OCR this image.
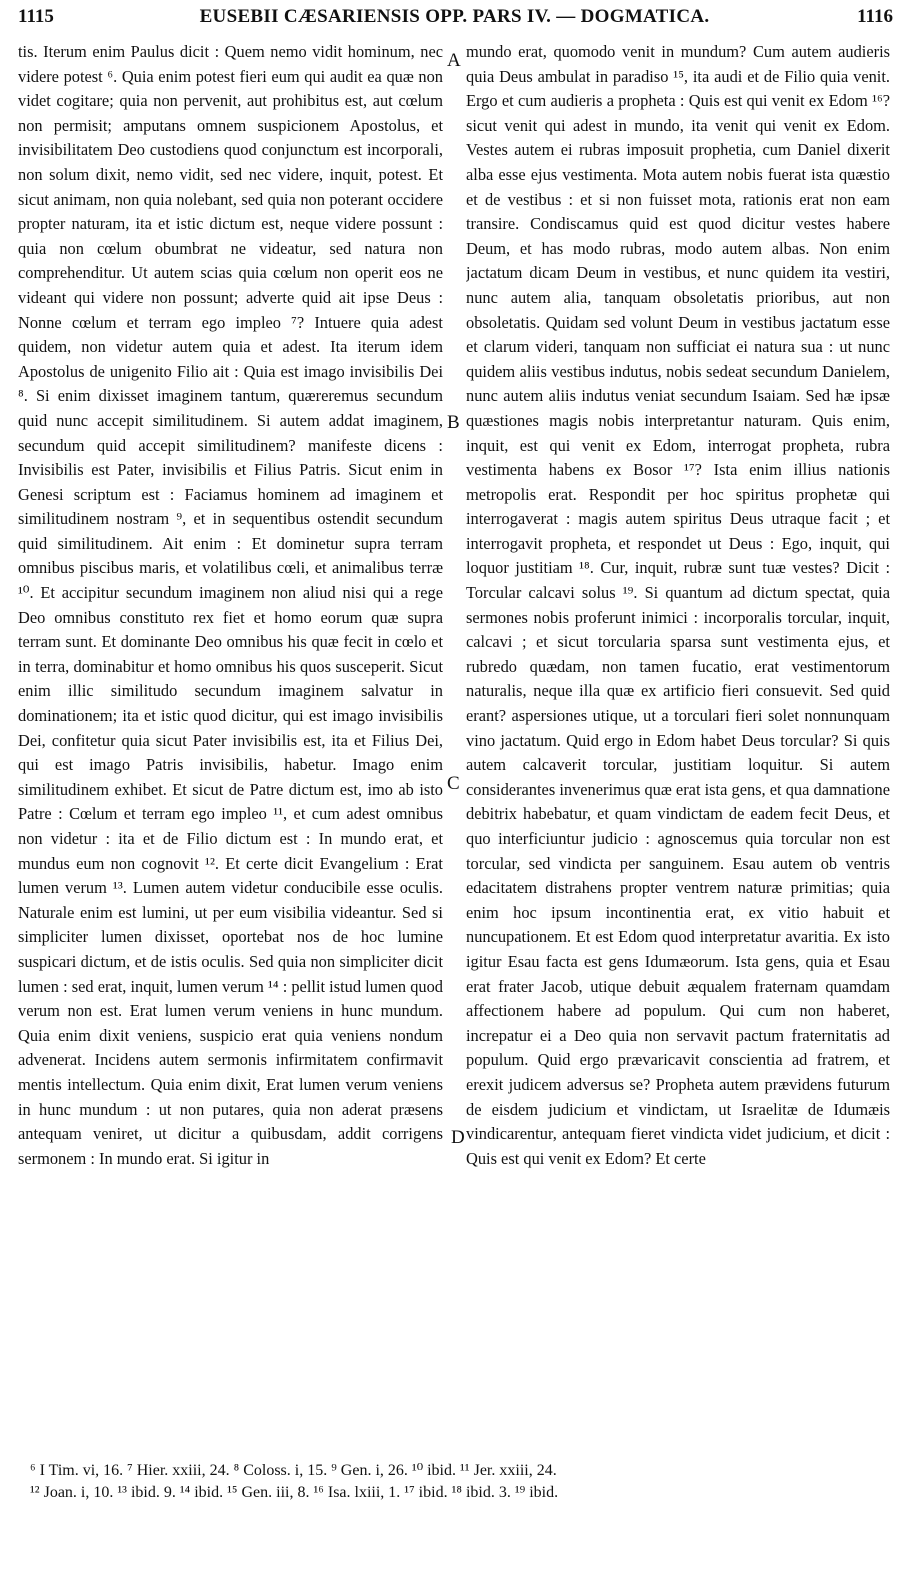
1115	EUSEBII CÆSARIENSIS OPP. PARS IV. — DOGMATICA.	1116

tis. Iterum enim Paulus dicit : Quem nemo vidit hominum, nec videre potest ⁶. Quia enim potest fieri eum qui audit ea quæ non videt cogitare; quia non pervenit, aut prohibitus est, aut cœlum non permisit; amputans omnem suspicionem Apostolus, et invisibilitatem Deo custodiens quod conjunctum est incorporali, non solum dixit, nemo vidit, sed nec videre, inquit, potest. Et sicut animam, non quia nolebant, sed quia non poterant occidere propter naturam, ita et istic dictum est, neque videre possunt : quia non cœlum obumbrat ne videatur, sed natura non comprehenditur. Ut autem scias quia cœlum non operit eos ne videant qui videre non possunt; adverte quid ait ipse Deus : Nonne cœlum et terram ego impleo ⁷? Intuere quia adest quidem, non videtur autem quia et adest. Ita iterum idem Apostolus de unigenito Filio ait : Quia est imago invisibilis Dei ⁸. Si enim dixisset imaginem tantum, quæreremus secundum quid nunc accepit similitudinem. Si autem addat imaginem, secundum quid accepit similitudinem? manifeste dicens : Invisibilis est Pater, invisibilis et Filius Patris. Sicut enim in Genesi scriptum est : Faciamus hominem ad imaginem et similitudinem nostram ⁹, et in sequentibus ostendit secundum quid similitudinem. Ait enim : Et dominetur supra terram omnibus piscibus maris, et volatilibus cœli, et animalibus terræ ¹⁰. Et accipitur secundum imaginem non aliud nisi qui a rege Deo omnibus constituto rex fiet et homo eorum quæ supra terram sunt. Et dominante Deo omnibus his quæ fecit in cœlo et in terra, dominabitur et homo omnibus his quos susceperit. Sicut enim illic similitudo secundum imaginem salvatur in dominationem; ita et istic quod dicitur, qui est imago invisibilis Dei, confitetur quia sicut Pater invisibilis est, ita et Filius Dei, qui est imago Patris invisibilis, habetur. Imago enim similitudinem exhibet. Et sicut de Patre dictum est, imo ab isto Patre : Cœlum et terram ego impleo ¹¹, et cum adest omnibus non videtur : ita et de Filio dictum est : In mundo erat, et mundus eum non cognovit ¹². Et certe dicit Evangelium : Erat lumen verum ¹³. Lumen autem videtur conducibile esse oculis. Naturale enim est lumini, ut per eum visibilia videantur. Sed si simpliciter lumen dixisset, oportebat nos de hoc lumine suspicari dictum, et de istis oculis. Sed quia non simpliciter dicit lumen : sed erat, inquit, lumen verum ¹⁴ : pellit istud lumen quod verum non est. Erat lumen verum veniens in hunc mundum. Quia enim dixit veniens, suspicio erat quia veniens nondum advenerat. Incidens autem sermonis infirmitatem confirmavit mentis intellectum. Quia enim dixit, Erat lumen verum veniens in hunc mundum : ut non putares, quia non aderat præsens antequam veniret, ut dicitur a quibusdam, addit corrigens sermonem : In mundo erat. Si igitur in

A
B
C
D

mundo erat, quomodo venit in mundum? Cum autem audieris quia Deus ambulat in paradiso ¹⁵, ita audi et de Filio quia venit. Ergo et cum audieris a propheta : Quis est qui venit ex Edom ¹⁶? sicut venit qui adest in mundo, ita venit qui venit ex Edom. Vestes autem ei rubras imposuit prophetia, cum Daniel dixerit alba esse ejus vestimenta. Mota autem nobis fuerat ista quæstio et de vestibus : et si non fuisset mota, rationis erat non eam transire. Condiscamus quid est quod dicitur vestes habere Deum, et has modo rubras, modo autem albas. Non enim jactatum dicam Deum in vestibus, et nunc quidem ita vestiri, nunc autem alia, tanquam obsoletatis prioribus, aut non obsoletatis. Quidam sed volunt Deum in vestibus jactatum esse et clarum videri, tanquam non sufficiat ei natura sua : ut nunc quidem aliis vestibus indutus, nobis sedeat secundum Danielem, nunc autem aliis indutus veniat secundum Isaiam. Sed hæ ipsæ quæstiones magis nobis interpretantur naturam. Quis enim, inquit, est qui venit ex Edom, interrogat propheta, rubra vestimenta habens ex Bosor ¹⁷? Ista enim illius nationis metropolis erat. Respondit per hoc spiritus prophetæ qui interrogaverat : magis autem spiritus Deus utraque facit ; et interrogavit propheta, et respondet ut Deus : Ego, inquit, qui loquor justitiam ¹⁸. Cur, inquit, rubræ sunt tuæ vestes? Dicit : Torcular calcavi solus ¹⁹. Si quantum ad dictum spectat, quia sermones nobis proferunt inimici : incorporalis torcular, inquit, calcavi ; et sicut torcularia sparsa sunt vestimenta ejus, et rubredo quædam, non tamen fucatio, erat vestimentorum naturalis, neque illa quæ ex artificio fieri consuevit. Sed quid erant? aspersiones utique, ut a torculari fieri solet nonnunquam vino jactatum. Quid ergo in Edom habet Deus torcular? Si quis autem calcaverit torcular, justitiam loquitur. Si autem considerantes invenerimus quæ erat ista gens, et qua damnatione debitrix habebatur, et quam vindictam de eadem fecit Deus, et quo interficiuntur judicio : agnoscemus quia torcular non est torcular, sed vindicta per sanguinem. Esau autem ob ventris edacitatem distrahens propter ventrem naturæ primitias; quia enim hoc ipsum incontinentia erat, ex vitio habuit et nuncupationem. Et est Edom quod interpretatur avaritia. Ex isto igitur Esau facta est gens Idumæorum. Ista gens, quia et Esau erat frater Jacob, utique debuit æqualem fraternam quamdam affectionem habere ad populum. Qui cum non haberet, increpatur ei a Deo quia non servavit pactum fraternitatis ad populum. Quid ergo prævaricavit conscientia ad fratrem, et erexit judicem adversus se? Propheta autem prævidens futurum de eisdem judicium et vindictam, ut Israelitæ de Idumæis vindicarentur, antequam fieret vindicta videt judicium, et dicit : Quis est qui venit ex Edom? Et certe

⁶ I Tim. vi, 16. ⁷ Hier. xxiii, 24. ⁸ Coloss. i, 15. ⁹ Gen. i, 26. ¹⁰ ibid. ¹¹ Jer. xxiii, 24.
¹² Joan. i, 10. ¹³ ibid. 9. ¹⁴ ibid. ¹⁵ Gen. iii, 8. ¹⁶ Isa. lxiii, 1. ¹⁷ ibid. ¹⁸ ibid. 3. ¹⁹ ibid.
